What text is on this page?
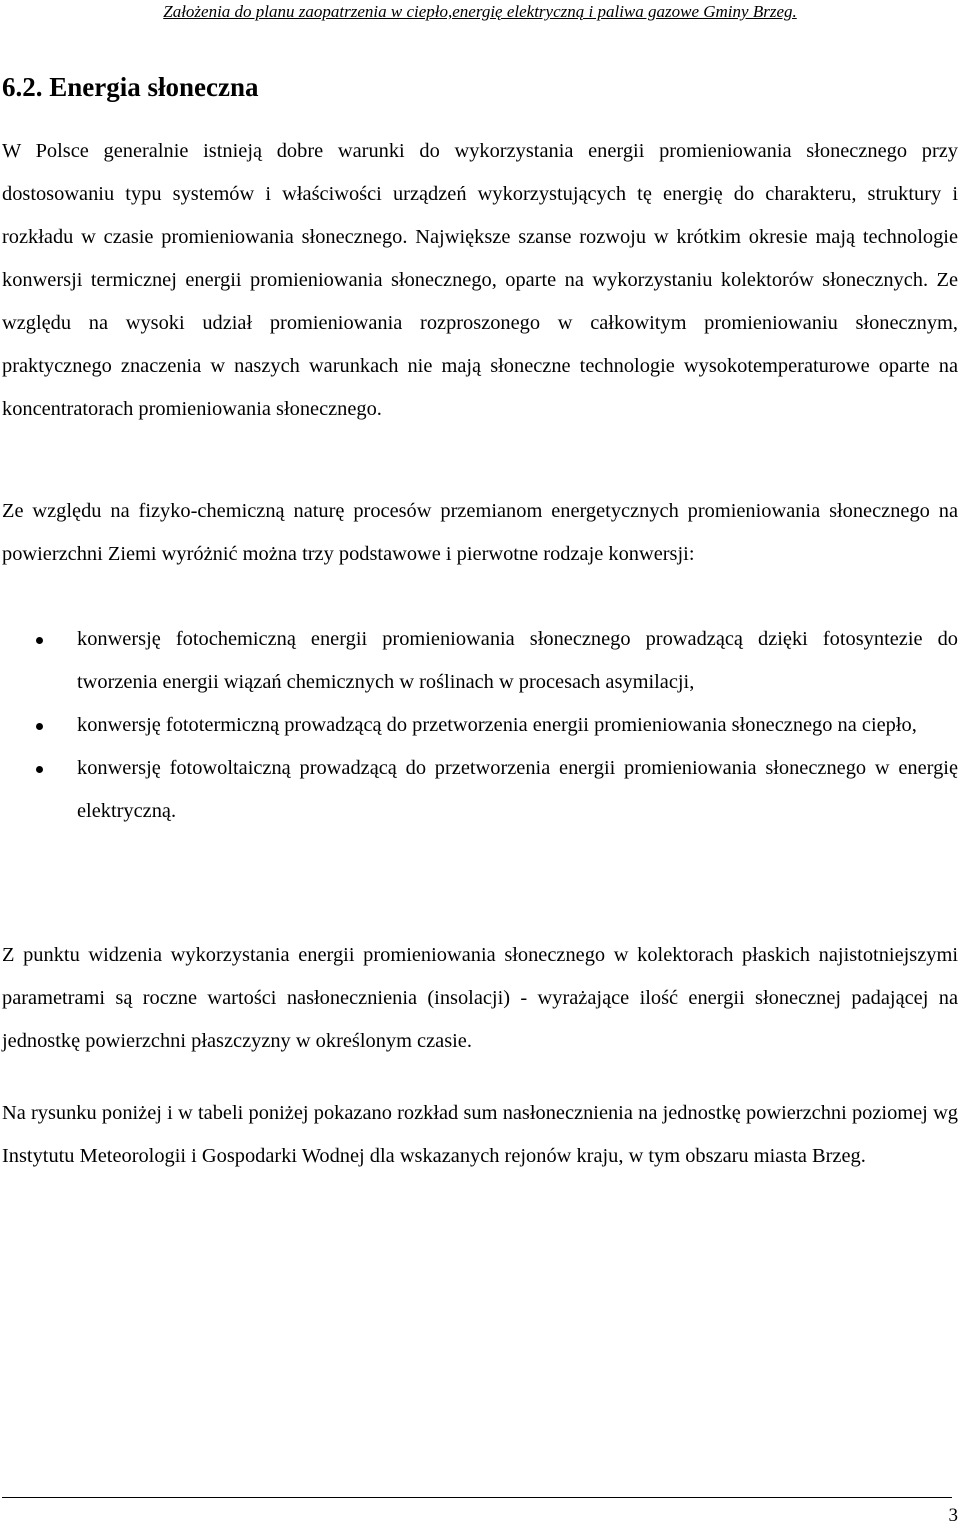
Założenia do planu zaopatrzenia w ciepło,energię elektryczną i paliwa gazowe Gminy Brzeg.
6.2. Energia słoneczna

W Polsce generalnie istnieją dobre warunki do wykorzystania energii promieniowania słonecznego przy dostosowaniu typu systemów i właściwości urządzeń wykorzystujących tę energię do charakteru, struktury i rozkładu w czasie promieniowania słonecznego. Największe szanse rozwoju w krótkim okresie mają technologie konwersji termicznej energii promieniowania słonecznego, oparte na wykorzystaniu kolektorów słonecznych. Ze względu na wysoki udział promieniowania rozproszonego w całkowitym promieniowaniu słonecznym, praktycznego znaczenia w naszych warunkach nie mają słoneczne technologie wysokotemperaturowe oparte na koncentratorach promieniowania słonecznego.

Ze względu na fizyko-chemiczną naturę procesów przemianom energetycznych promieniowania słonecznego na powierzchni Ziemi wyróżnić można trzy podstawowe i pierwotne rodzaje konwersji:

konwersję fotochemiczną energii promieniowania słonecznego prowadzącą dzięki fotosyntezie do tworzenia energii wiązań chemicznych w roślinach w procesach asymilacji,
konwersję fototermiczną prowadzącą do przetworzenia energii promieniowania słonecznego na ciepło,
konwersję fotowoltaiczną prowadzącą do przetworzenia energii promieniowania słonecznego w energię elektryczną.

Z punktu widzenia wykorzystania energii promieniowania słonecznego w kolektorach płaskich najistotniejszymi parametrami są roczne wartości nasłonecznienia (insolacji) - wyrażające ilość energii słonecznej padającej na jednostkę powierzchni płaszczyzny w określonym czasie.

Na rysunku poniżej i w tabeli poniżej pokazano rozkład sum nasłonecznienia na jednostkę powierzchni poziomej wg Instytutu Meteorologii i Gospodarki Wodnej dla wskazanych rejonów kraju, w tym obszaru miasta Brzeg.

3
